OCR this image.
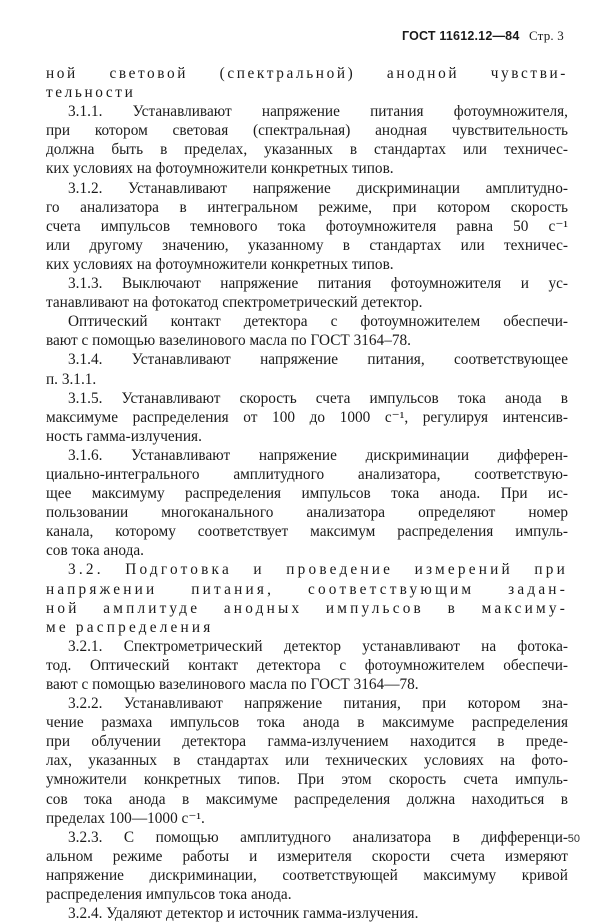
ГОСТ 11612.12—84 Стр. 3
ной световой (спектральной) анодной чувстви-
тельности
3.1.1. Устанавливают напряжение питания фотоумножителя,
при котором световая (спектральная) анодная чувствительность
должна быть в пределах, указанных в стандартах или техничес-
ких условиях на фотоумножители конкретных типов.
3.1.2. Устанавливают напряжение дискриминации амплитудно-
го анализатора в интегральном режиме, при котором скорость
счета импульсов темнового тока фотоумножителя равна 50 с⁻¹
или другому значению, указанному в стандартах или техничес-
ких условиях на фотоумножители конкретных типов.
3.1.3. Выключают напряжение питания фотоумножителя и ус-
танавливают на фотокатод спектрометрический детектор.
Оптический контакт детектора с фотоумножителем обеспечи-
вают с помощью вазелинового масла по ГОСТ 3164–78.
3.1.4. Устанавливают напряжение питания, соответствующее
п. 3.1.1.
3.1.5. Устанавливают скорость счета импульсов тока анода в
максимуме распределения от 100 до 1000 с⁻¹, регулируя интенсив-
ность гамма-излучения.
3.1.6. Устанавливают напряжение дискриминации дифферен-
циально-интегрального амплитудного анализатора, соответствую-
щее максимуму распределения импульсов тока анода. При ис-
пользовании многоканального анализатора определяют номер
канала, которому соответствует максимум распределения импуль-
сов тока анода.
3.2. Подготовка и проведение измерений при
напряжении питания, соответствующим задан-
ной амплитуде анодных импульсов в максиму-
ме распределения
3.2.1. Спектрометрический детектор устанавливают на фотока-
тод. Оптический контакт детектора с фотоумножителем обеспечи-
вают с помощью вазелинового масла по ГОСТ 3164—78.
3.2.2. Устанавливают напряжение питания, при котором зна-
чение размаха импульсов тока анода в максимуме распределения
при облучении детектора гамма-излучением находится в преде-
лах, указанных в стандартах или технических условиях на фото-
умножители конкретных типов. При этом скорость счета импуль-
сов тока анода в максимуме распределения должна находиться в
пределах 100—1000 с⁻¹.
3.2.3. С помощью амплитудного анализатора в дифференци-
альном режиме работы и измерителя скорости счета измеряют
напряжение дискриминации, соответствующей максимуму кривой
распределения импульсов тока анода.
3.2.4. Удаляют детектор и источник гамма-излучения.
50
